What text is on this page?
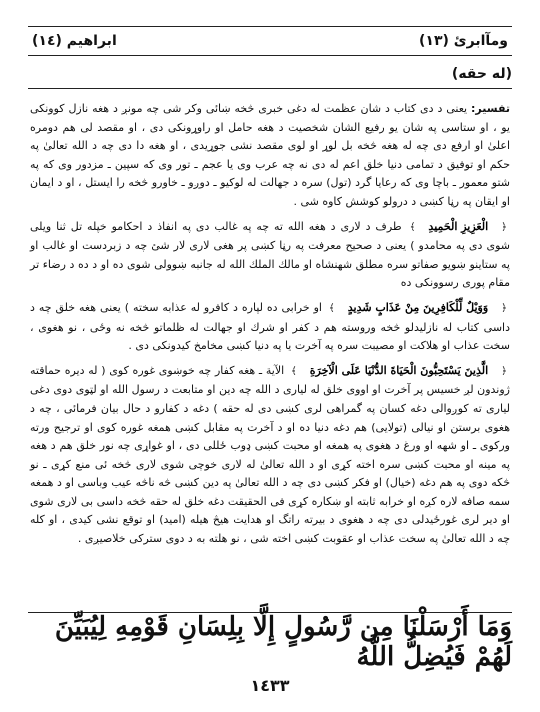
ومآابرئ (١٣)
ابراهيم (١٤)
(له حقه)

تفسير: يعنى د دى كتاب د شان عظمت له دغى خبرى څخه ښائى وكر شى چه مونږ د هغه نازل كوونكى يو ، او ستاسى په شان يو رفيع الشان شخصيت د هغه حامل او راوړونكى دى ، او مقصد لى هم دومره اعلىٰ او ارفع دى چه له هغه څخه بل لوړ او لوى مقصد نشى جوړيدى ، او هغه دا دى چه د الله تعالىٰ په حكم او توفيق د تمامى دنيا خلق اعم له دى نه چه عرب وى يا عجم ـ تور وى كه سپين ـ مزدور وى كه په شتو معمور ـ باچا وى كه رعايا گرد (تول) سره د جهالت له لوكيو ـ دوږو ـ خاورو څخه را ايستل ، او د ايمان او ايقان په رڼا كښى د درولو كوشش كاوه شى .

﴿الْعَزِيزِ الْحَمِيدِ﴾ طرف د لارى د هغه الله ته چه په غالب دى په انفاذ د احكامو خپله تل ثنا ويلى شوى دى په محامدو ) يعنى د صحيح معرفت په رڼا كښى پر هغى لارى لار شئ چه د زبردست او غالب او په ستاينو ښويو صفاتو سره مطلق شهنشاه او مالك الملك الله له جانبه ښوولى شوى ده او د ده د رضاء تر مقام پورى رسوونكى ده

﴿وَوَيْلٌ لِّلْكَافِرِينَ مِنْ عَذَابٍ شَدِيدٍ﴾ او خرابى ده لپاره د كافرو له عذابه سخته ) يعنى هغه خلق چه د داسى كتاب له نازليدلو څخه وروسته هم د كفر او شرك او جهالت له ظلماتو څخه نه وځى ، نو هغوى ، سخت عذاب او هلاكت او مصيبت سره په آخرت يا په دنيا كښى مخامخ كيدونكى دى .

﴿الَّذِينَ يَسْتَحِبُّونَ الْحَيَاةَ الدُّنْيَا عَلَى الْآخِرَةِ﴾ الآية ـ هغه كفار چه خوښوى غوره كوى ( له ديره حماقته ژوندون لږ خسيس پر آخرت او اووى خلق له ليارى د الله چه دين او متابعت د رسول الله او لټوى دوى دغى ليارى ته كوږوالى دغه كسان په گمراهى لرى كښى دى له حقه ) دغه د كفارو د حال بيان فرمائى ، چه د هغوى برستن او نيالى (تولايى) هم دغه دنيا ده او د آخرت په مقابل كښى همغه غوره كوى او ترجيح ورته وركوى ـ او شهه او ورغ د هغوى په همغه او محبت كښى ډوب ځللى دى ، او غواړى چه نور خلق هم د هغه په مينه او محبت كښى سره اخته كړى او د الله تعالىٰ له لارى خوچى شوى لارى څخه ئى منع كړى ـ نو څكه دوى په هم دغه (خيال) او فكر كښى دى چه د الله تعالىٰ په دين كښى څه ناڅه عيب وباسى او د همغه سمه صافه لاره كږه او خرابه ثابته او ښكاره كړى فى الحقيقت دغه خلق له حقه څخه داسى بى لارى شوى او دير لرى غورځيدلى دى چه د هغوى د بيرته راتگ او هدايت هيڅ هيله (اميد) او توقع نشى كيدى ، او كله چه د الله تعالىٰ په سخت عذاب او عقوبت كښى اخته شى ، نو هلته به د دوى ستركى خلاصيږى .

وَمَا أَرْسَلْنَا مِن رَّسُولٍ إِلَّا بِلِسَانِ قَوْمِهِ لِيُبَيِّنَ لَهُمْ فَيُضِلُّ اللَّهُ
١٤٣٣
